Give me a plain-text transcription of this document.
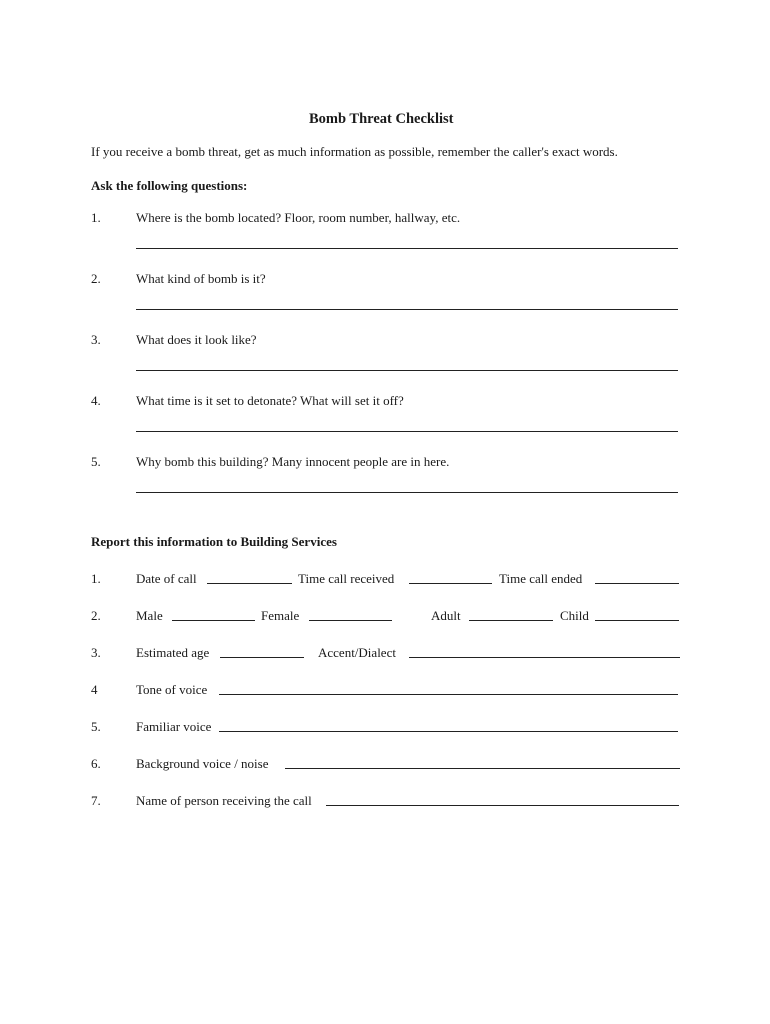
Bomb Threat Checklist
If you receive a bomb threat, get as much information as possible, remember the caller's exact words.
Ask the following questions:
1.	Where is the bomb located? Floor, room number, hallway, etc.
2.	What kind of bomb is it?
3.	What does it look like?
4.	What time is it set to detonate? What will set it off?
5.	Why bomb this building? Many innocent people are in here.
Report this information to Building Services
1.	Date of call	Time call received	Time call ended
2.	Male	Female	Adult	Child
3.	Estimated age	Accent/Dialect
4	Tone of voice
5.	Familiar voice
6.	Background voice / noise
7.	Name of person receiving the call
